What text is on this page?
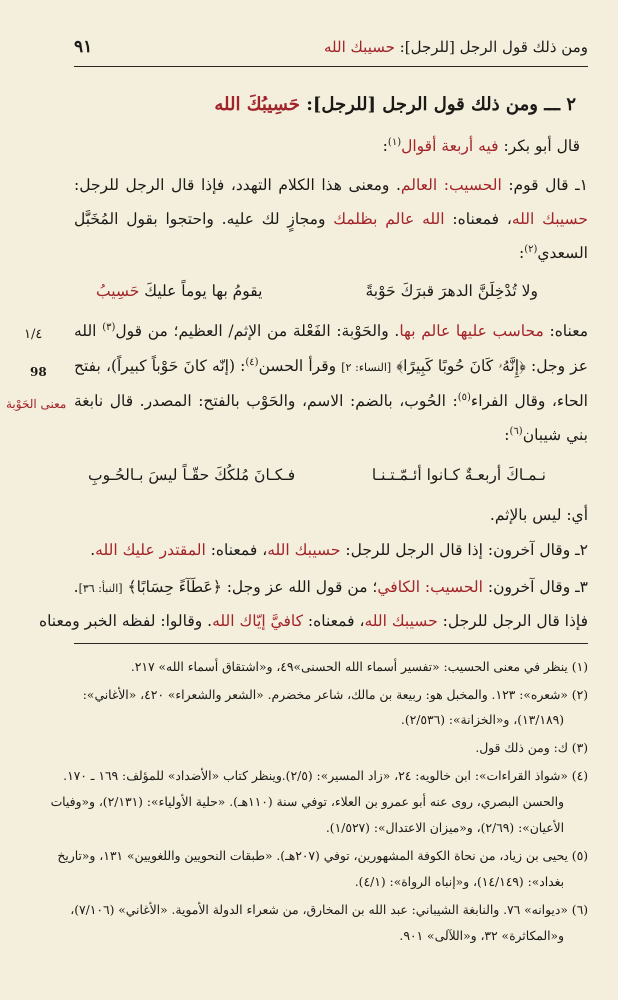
ومن ذلك قول الرجل [للرجل]: حسيبك الله
٩١
١/٤
98
معنى الحَوْبة
٢ ـــ ومن ذلك قول الرجل [للرجل]: حَسِيبُكَ الله
قال أبو بكر: فيه أربعة أقوال$^{(١)}$:
١ـ قال قوم: الحسيب: العالم. ومعنى هذا الكلام التهدد، فإذا قال الرجل للرجل:
حسيبك الله، فمعناه: الله عالم بظلمك ومجازٍ لك عليه. واحتجوا بقول المُخَبَّل
السعدي$^{(٢)}$:
ولا تُدْخِلَنَّ الدهرَ قبرَكَ حَوْبةً
يقومُ بها يوماً عليكَ حَسِيبُ
معناه: محاسب عليها عالم بها. والحَوْبة: الفَعْلة من الإثم/ العظيم؛ من قول$^{(٣)}$ الله
عز وجل: ﴿إِنَّهُۥ كَانَ حُوبًا كَبِيرًا﴾ [النساء: ٢] وقرأ الحسن$^{(٤)}$: (إنّه كانَ حَوْباً كبيراً)، بفتح
الحاء، وقال الفراء$^{(٥)}$: الحُوب، بالضم: الاسم، والحَوْب بالفتح: المصدر. قال نابغة
بني شيبان$^{(٦)}$:
نـمـاكَ أربعـةٌ كـانوا أئـمّـتـنـا
فـكـانَ مُلكُكَ حقّـاً ليسَ بـالحُـوبِ
أي: ليس بالإثم.
٢ـ وقال آخرون: إذا قال الرجل للرجل: حسيبك الله، فمعناه: المقتدر عليك الله.
٣ـ وقال آخرون: الحسيب: الكافي؛ من قول الله عز وجل: ﴿عَطَآءً حِسَابًا﴾ [النبأ: ٣٦].
فإذا قال الرجل للرجل: حسيبك الله، فمعناه: كافيَّ إيّاك الله. وقالوا: لفظه الخبر ومعناه
(١) ينظر في معنى الحسيب: «تفسير أسماء الله الحسنى»٤٩، و«اشتقاق أسماء الله» ٢١٧.
(٢) «شعره»: ١٢٣. والمخبل هو: ربيعة بن مالك، شاعر مخضرم. «الشعر والشعراء» ٤٢٠، «الأغاني»:
(١٣/١٨٩)، و«الخزانة»: (٢/٥٣٦).
(٣) ك: ومن ذلك قول.
(٤) «شواذ القراءات»: ابن خالويه: ٢٤، «زاد المسير»: (٢/٥).وينظر كتاب «الأضداد» للمؤلف: ١٦٩ ـ ١٧٠.
والحسن البصري، روى عنه أبو عمرو بن العلاء، توفي سنة (١١٠هـ). «حلية الأولياء»: (٢/١٣١)، و«وفيات
الأعيان»: (٢/٦٩)، و«ميزان الاعتدال»: (١/٥٢٧).
(٥) يحيى بن زياد، من نحاة الكوفة المشهورين، توفي (٢٠٧هـ). «طبقات النحويين واللغويين» ١٣١، و«تاريخ
بغداد»: (١٤/١٤٩)، و«إنباه الرواة»: (٤/١).
(٦) «ديوانه» ٧٦. والنابغة الشيباني: عبد الله بن المخارق، من شعراء الدولة الأموية. «الأغاني» (٧/١٠٦)،
و«المكاثرة» ٣٢، و«اللآلى» ٩٠١.
